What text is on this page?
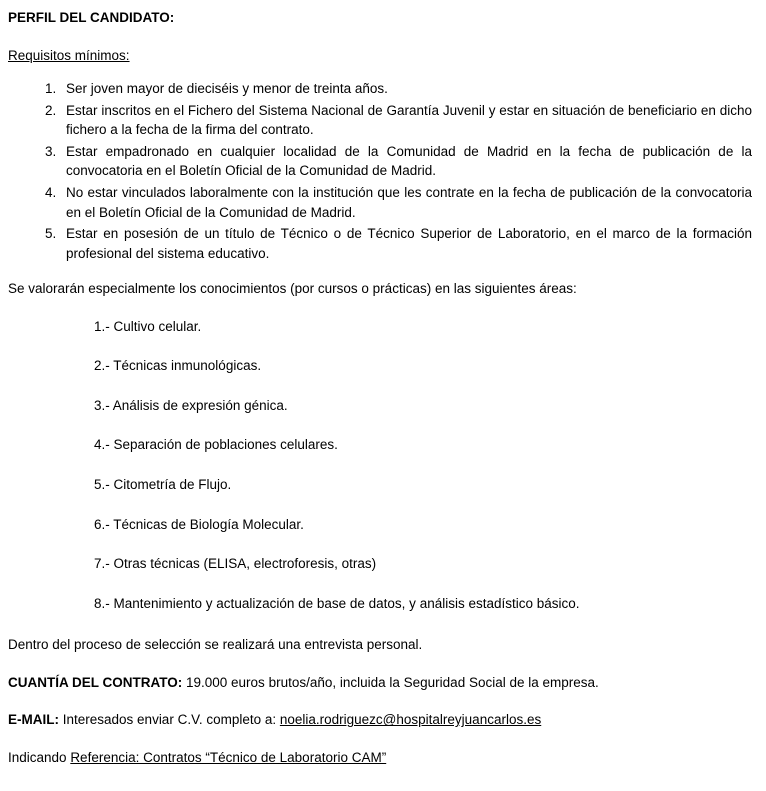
PERFIL DEL CANDIDATO:

Requisitos mínimos:

1. Ser joven mayor de dieciséis y menor de treinta años.
2. Estar inscritos en el Fichero del Sistema Nacional de Garantía Juvenil y estar en situación de beneficiario en dicho fichero a la fecha de la firma del contrato.
3. Estar empadronado en cualquier localidad de la Comunidad de Madrid en la fecha de publicación de la convocatoria en el Boletín Oficial de la Comunidad de Madrid.
4. No estar vinculados laboralmente con la institución que les contrate en la fecha de publicación de la convocatoria en el Boletín Oficial de la Comunidad de Madrid.
5. Estar en posesión de un título de Técnico o de Técnico Superior de Laboratorio, en el marco de la formación profesional del sistema educativo.

Se valorarán especialmente los conocimientos (por cursos o prácticas) en las siguientes áreas:

1.- Cultivo celular.
2.- Técnicas inmunológicas.
3.- Análisis de expresión génica.
4.- Separación de poblaciones celulares.
5.- Citometría de Flujo.
6.- Técnicas de Biología Molecular.
7.- Otras técnicas (ELISA, electroforesis, otras)
8.- Mantenimiento y actualización de base de datos, y análisis estadístico básico.

Dentro del proceso de selección se realizará una entrevista personal.

CUANTÍA DEL CONTRATO: 19.000 euros brutos/año, incluida la Seguridad Social de la empresa.

E-MAIL: Interesados enviar C.V. completo a: noelia.rodriguezc@hospitalreyjuancarlos.es

Indicando Referencia: Contratos “Técnico de Laboratorio CAM”
